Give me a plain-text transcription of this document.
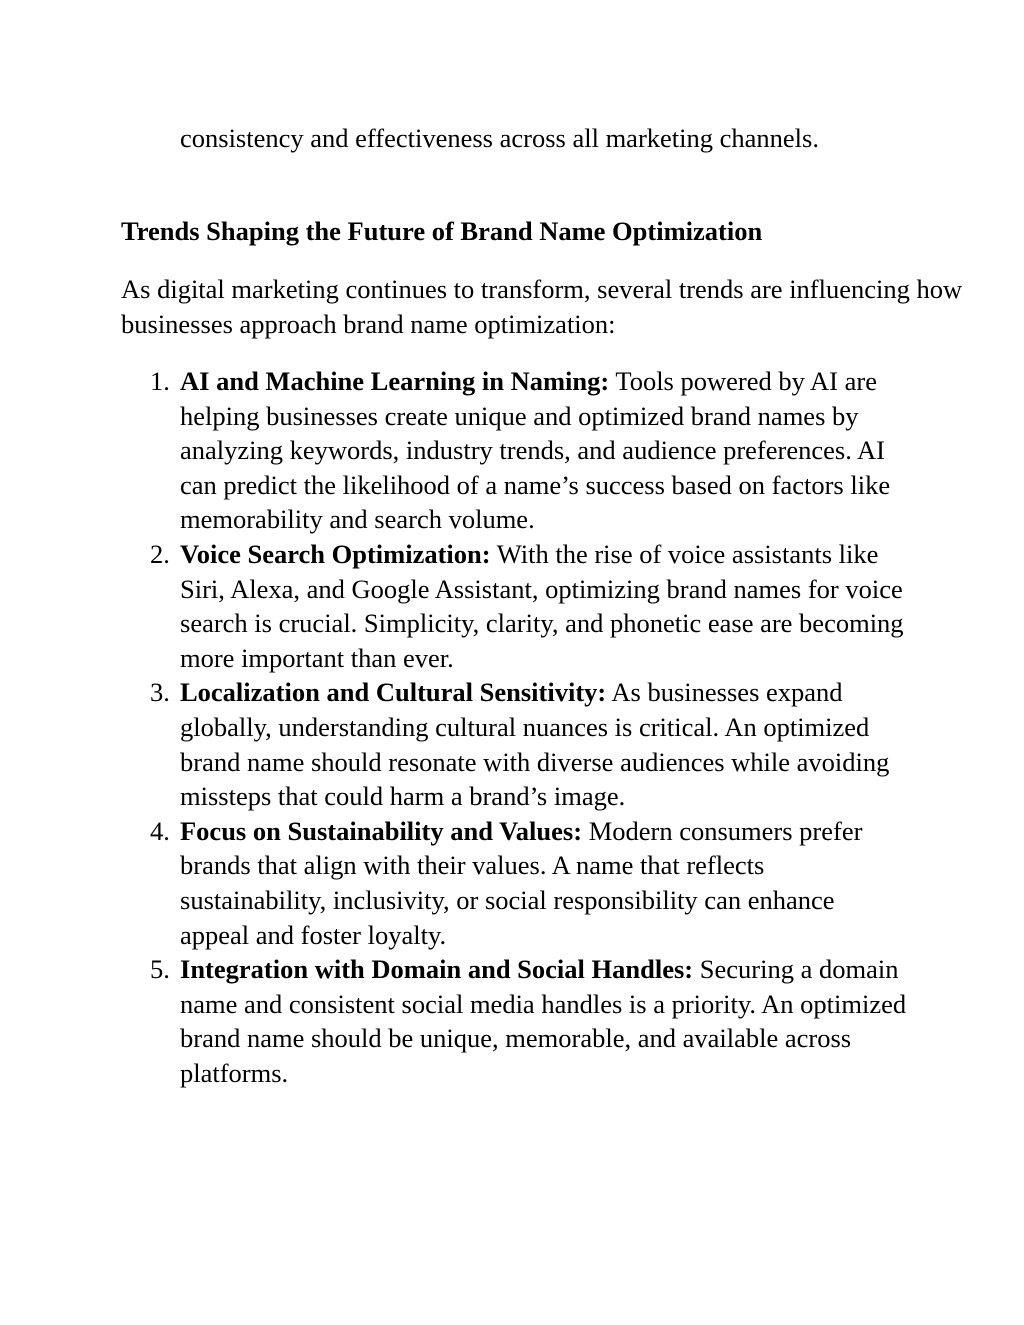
consistency and effectiveness across all marketing channels.

Trends Shaping the Future of Brand Name Optimization

As digital marketing continues to transform, several trends are influencing how businesses approach brand name optimization:

1. AI and Machine Learning in Naming: Tools powered by AI are helping businesses create unique and optimized brand names by analyzing keywords, industry trends, and audience preferences. AI can predict the likelihood of a name’s success based on factors like memorability and search volume.
2. Voice Search Optimization: With the rise of voice assistants like Siri, Alexa, and Google Assistant, optimizing brand names for voice search is crucial. Simplicity, clarity, and phonetic ease are becoming more important than ever.
3. Localization and Cultural Sensitivity: As businesses expand globally, understanding cultural nuances is critical. An optimized brand name should resonate with diverse audiences while avoiding missteps that could harm a brand’s image.
4. Focus on Sustainability and Values: Modern consumers prefer brands that align with their values. A name that reflects sustainability, inclusivity, or social responsibility can enhance appeal and foster loyalty.
5. Integration with Domain and Social Handles: Securing a domain name and consistent social media handles is a priority. An optimized brand name should be unique, memorable, and available across platforms.
